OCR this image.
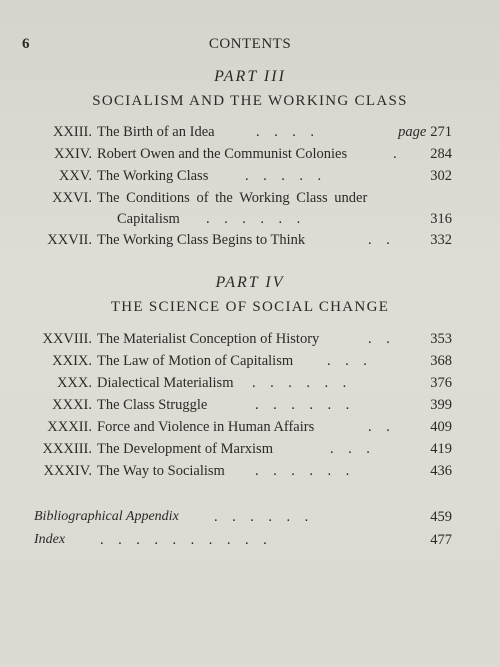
6	CONTENTS
PART III
SOCIALISM AND THE WORKING CLASS
XXIII. The Birth of an Idea	.    .    .    .	page 271
XXIV. Robert Owen and the Communist Colonies	. 284
XXV. The Working Class	.    .    .    .    .	302
XXVI. The Conditions of the Working Class under
Capitalism .    .    .    .    .    .	316
XXVII. The Working Class Begins to Think	.    .	332
PART IV
THE SCIENCE OF SOCIAL CHANGE
XXVIII. The Materialist Conception of History	.    .	353
XXIX. The Law of Motion of Capitalism .    .    .	368
XXX. Dialectical Materialism .    .    .    .    .    .	376
XXXI. The Class Struggle	.    .    .    .    .    .	399
XXXII. Force and Violence in Human Affairs	.    .	409
XXXIII. The Development of Marxism	.    .    .	419
XXXIV. The Way to Socialism .    .    .    .    .    .	436
Bibliographical Appendix .    .    .    .    .    .	459
Index .    .    .    .    .    .    .    .    .    .	477
